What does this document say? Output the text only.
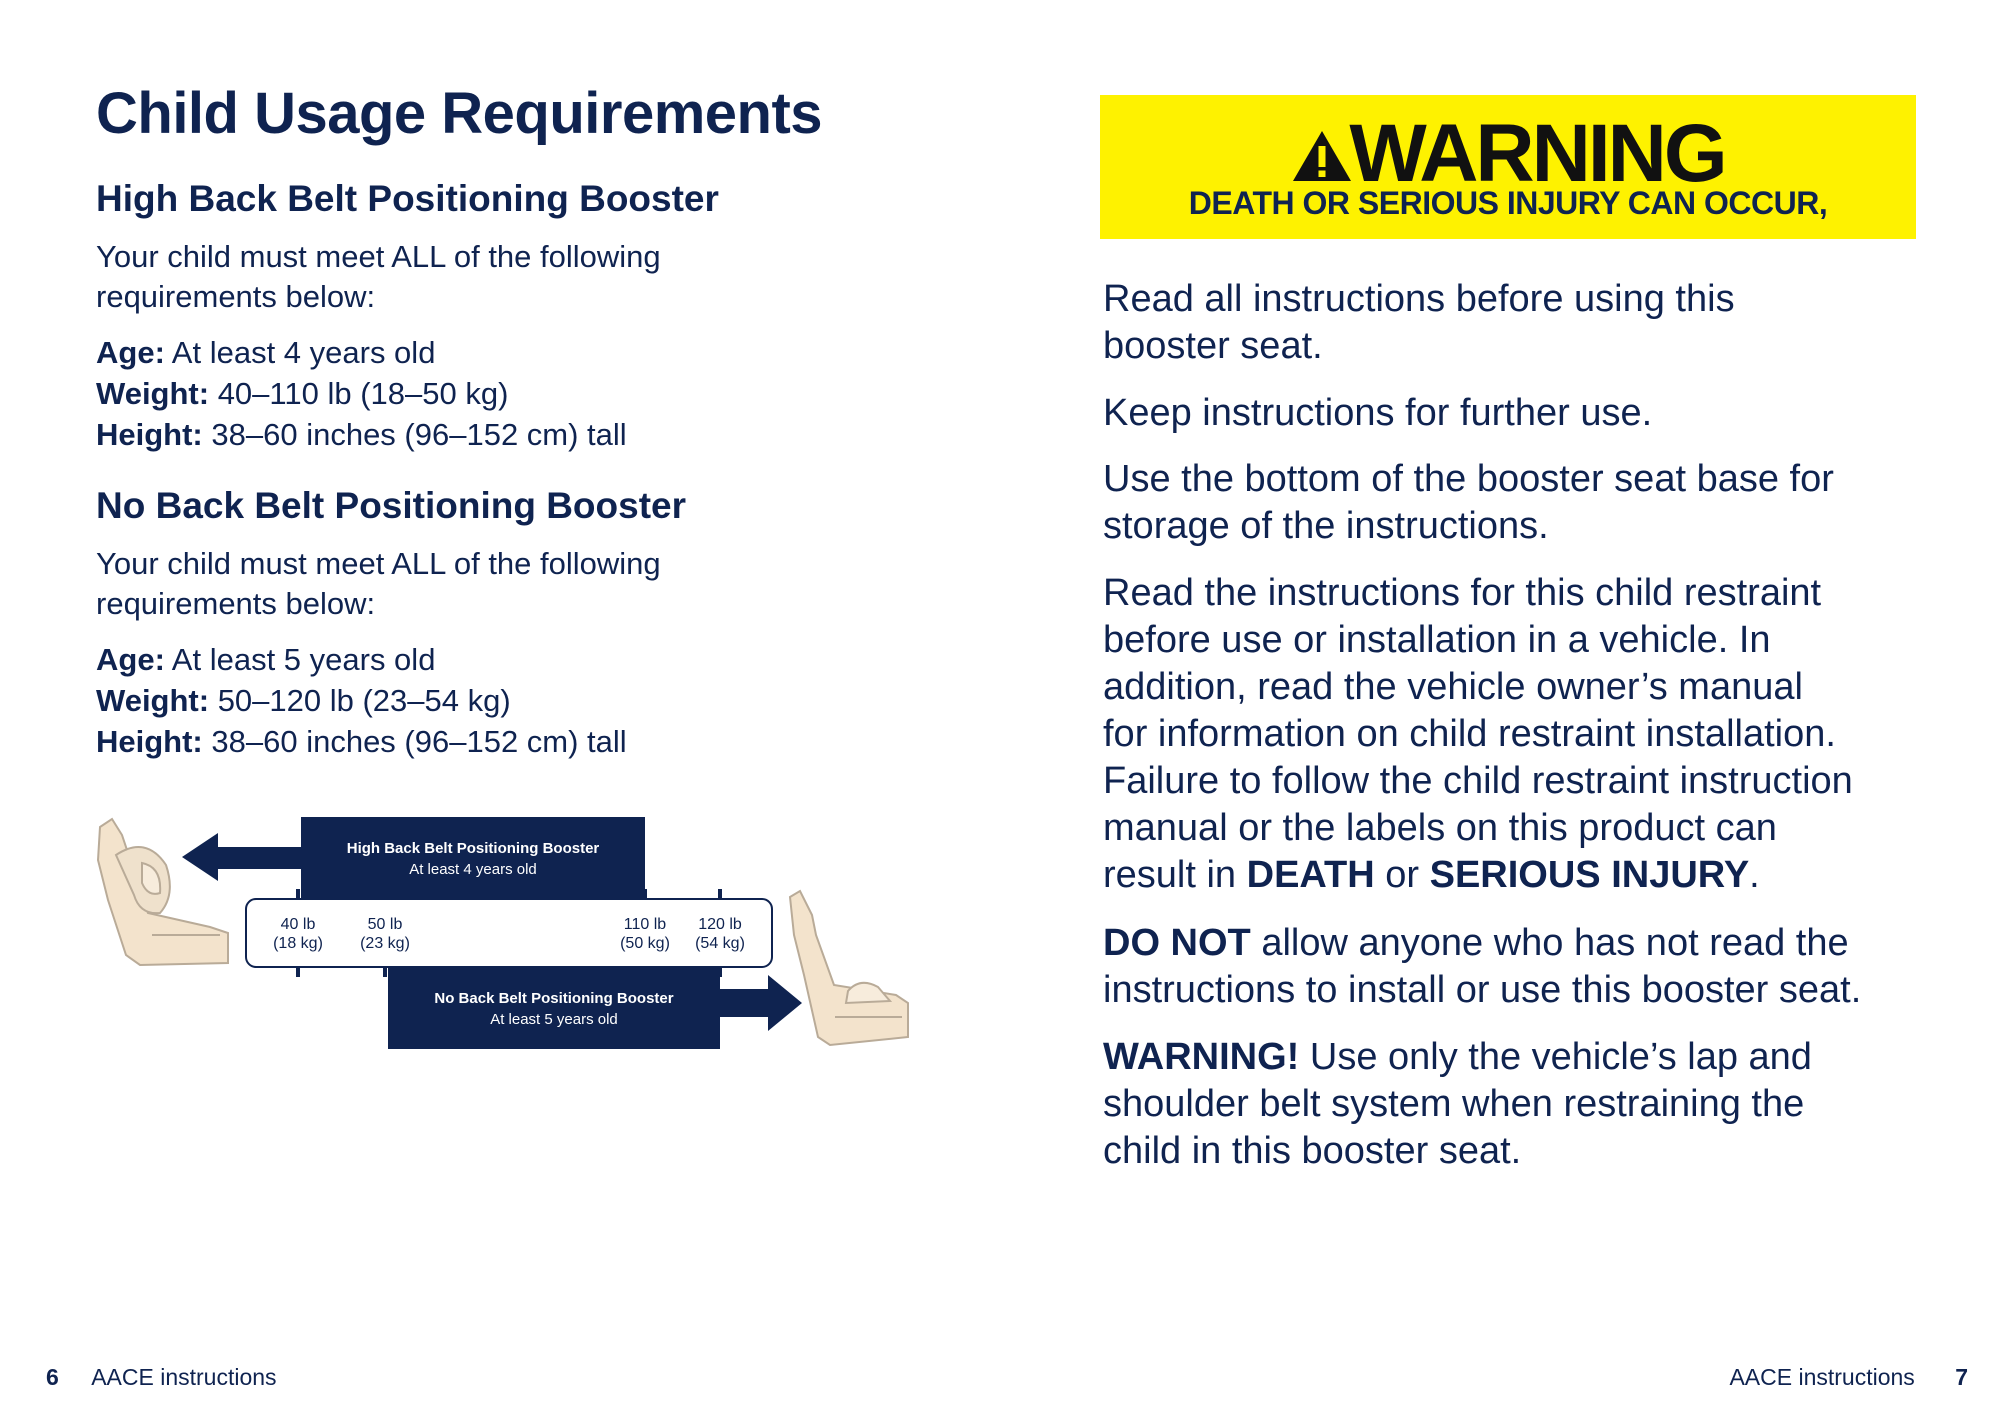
Child Usage Requirements
High Back Belt Positioning Booster
Your child must meet ALL of the following
requirements below:
Age: At least 4 years old
Weight: 40–110 lb (18–50 kg)
Height: 38–60 inches (96–152 cm) tall
No Back Belt Positioning Booster
Your child must meet ALL of the following
requirements below:
Age: At least 5 years old
Weight: 50–120 lb (23–54 kg)
Height: 38–60 inches (96–152 cm) tall
High Back Belt Positioning Booster
At least 4 years old
40 lb
(18 kg)
50 lb
(23 kg)
110 lb
(50 kg)
120 lb
(54 kg)
No Back Belt Positioning Booster
At least 5 years old
WARNING
DEATH OR SERIOUS INJURY CAN OCCUR,
Read all instructions before using this
booster seat.
Keep instructions for further use.
Use the bottom of the booster seat base for
storage of the instructions.
Read the instructions for this child restraint
before use or installation in a vehicle. In
addition, read the vehicle owner’s manual
for information on child restraint installation.
Failure to follow the child restraint instruction
manual or the labels on this product can
result in DEATH or SERIOUS INJURY.
DO NOT allow anyone who has not read the
instructions to install or use this booster seat.
WARNING! Use only the vehicle’s lap and
shoulder belt system when restraining the
child in this booster seat.
6 AACE instructions	AACE instructions 7
